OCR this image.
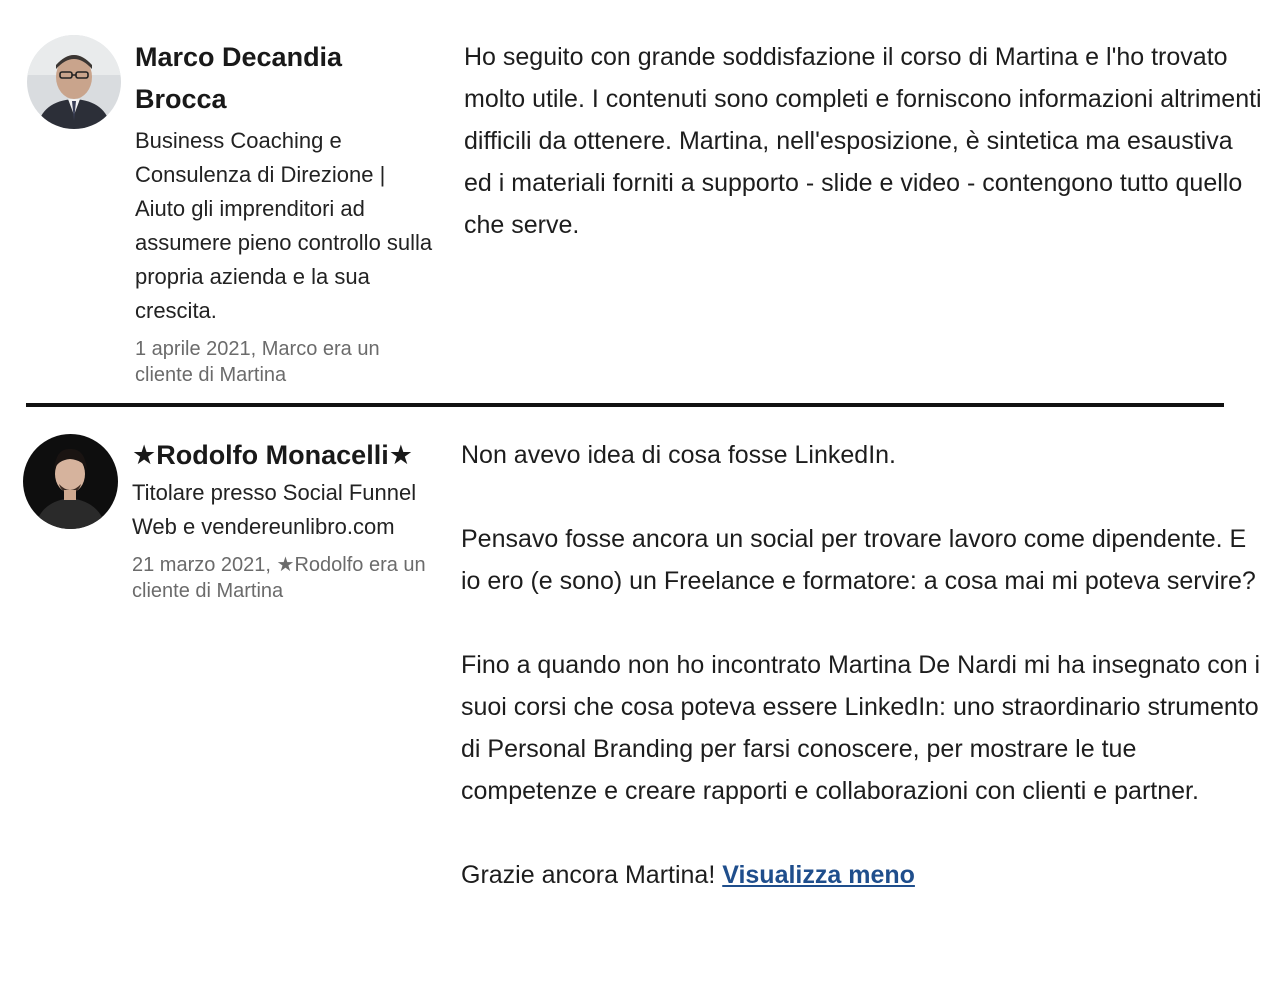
Marco Decandia
Brocca
Business Coaching e Consulenza di Direzione | Aiuto gli imprenditori ad assumere pieno controllo sulla propria azienda e la sua crescita.
1 aprile 2021, Marco era un cliente di Martina

Ho seguito con grande soddisfazione il corso di Martina e l'ho trovato molto utile. I contenuti sono completi e forniscono informazioni altrimenti difficili da ottenere. Martina, nell'esposizione, è sintetica ma esaustiva ed i materiali forniti a supporto - slide e video - contengono tutto quello che serve.

★Rodolfo Monacelli★
Titolare presso Social Funnel Web e vendereunlibro.com
21 marzo 2021, ★Rodolfo era un cliente di Martina

Non avevo idea di cosa fosse LinkedIn.

Pensavo fosse ancora un social per trovare lavoro come dipendente. E io ero (e sono) un Freelance e formatore: a cosa mai mi poteva servire?

Fino a quando non ho incontrato Martina De Nardi mi ha insegnato con i suoi corsi che cosa poteva essere LinkedIn: uno straordinario strumento di Personal Branding per farsi conoscere, per mostrare le tue competenze e creare rapporti e collaborazioni con clienti e partner.

Grazie ancora Martina! Visualizza meno
